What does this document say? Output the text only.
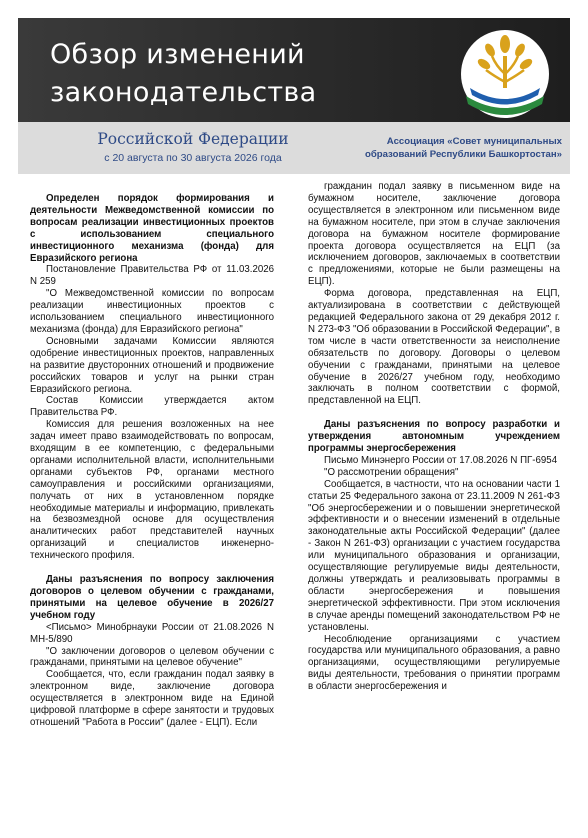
Обзор изменений
законодательства
Российской Федерации
с 20 августа по 30 августа 2026 года
Ассоциация «Совет муниципальных
образований Республики Башкортостан»

Определен порядок формирования и деятельности Межведомственной комиссии по вопросам реализации инвестиционных проектов с использованием специального инвестиционного механизма (фонда) для Евразийского региона

Постановление Правительства РФ от 11.03.2026 N 259

"О Межведомственной комиссии по вопросам реализации инвестиционных проектов с использованием специального инвестиционного механизма (фонда) для Евразийского региона"

Основными задачами Комиссии являются одобрение инвестиционных проектов, направленных на развитие двусторонних отношений и продвижение российских товаров и услуг на рынки стран Евразийского региона.

Состав Комиссии утверждается актом Правительства РФ.

Комиссия для решения возложенных на нее задач имеет право взаимодействовать по вопросам, входящим в ее компетенцию, с федеральными органами исполнительной власти, исполнительными органами субъектов РФ, органами местного самоуправления и российскими организациями, получать от них в установленном порядке необходимые материалы и информацию, привлекать на безвозмездной основе для осуществления аналитических работ представителей научных организаций и специалистов инженерно-технического профиля.

Даны разъяснения по вопросу заключения договоров о целевом обучении с гражданами, принятыми на целевое обучение в 2026/27 учебном году

<Письмо> Минобрнауки России от 21.08.2026 N МН-5/890

"О заключении договоров о целевом обучении с гражданами, принятыми на целевое обучение"

Сообщается, что, если гражданин подал заявку в электронном виде, заключение договора осуществляется в электронном виде на Единой цифровой платформе в сфере занятости и трудовых отношений "Работа в России" (далее - ЕЦП). Если

гражданин подал заявку в письменном виде на бумажном носителе, заключение договора осуществляется в электронном или письменном виде на бумажном носителе, при этом в случае заключения договора на бумажном носителе формирование проекта договора осуществляется на ЕЦП (за исключением договоров, заключаемых в соответствии с предложениями, которые не были размещены на ЕЦП).

Форма договора, представленная на ЕЦП, актуализирована в соответствии с действующей редакцией Федерального закона от 29 декабря 2012 г. N 273-ФЗ "Об образовании в Российской Федерации", в том числе в части ответственности за неисполнение обязательств по договору. Договоры о целевом обучении с гражданами, принятыми на целевое обучение в 2026/27 учебном году, необходимо заключать в полном соответствии с формой, представленной на ЕЦП.

Даны разъяснения по вопросу разработки и утверждения автономным учреждением программы энергосбережения

Письмо Минэнерго России от 17.08.2026 N ПГ-6954

"О рассмотрении обращения"

Сообщается, в частности, что на основании части 1 статьи 25 Федерального закона от 23.11.2009 N 261-ФЗ "Об энергосбережении и о повышении энергетической эффективности и о внесении изменений в отдельные законодательные акты Российской Федерации" (далее - Закон N 261-ФЗ) организации с участием государства или муниципального образования и организации, осуществляющие регулируемые виды деятельности, должны утверждать и реализовывать программы в области энергосбережения и повышения энергетической эффективности. При этом исключения в случае аренды помещений законодательством РФ не установлены.

Несоблюдение организациями с участием государства или муниципального образования, а равно организациями, осуществляющими регулируемые виды деятельности, требования о принятии программ в области энергосбережения и
